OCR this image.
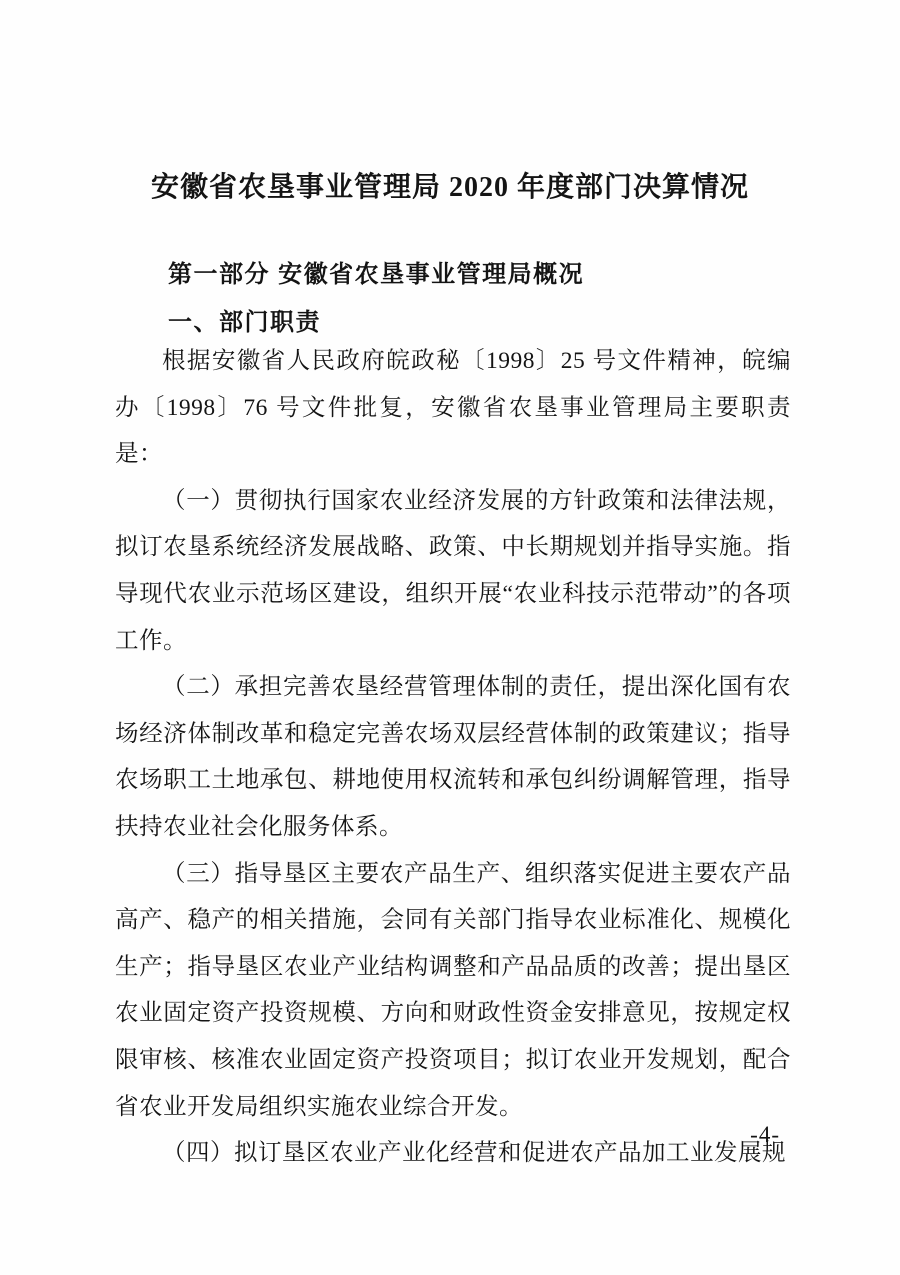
安徽省农垦事业管理局 2020 年度部门决算情况
第一部分 安徽省农垦事业管理局概况
一、部门职责

根据安徽省人民政府皖政秘〔1998〕25 号文件精神，皖编办〔1998〕76 号文件批复，安徽省农垦事业管理局主要职责是：

（一）贯彻执行国家农业经济发展的方针政策和法律法规，拟订农垦系统经济发展战略、政策、中长期规划并指导实施。指导现代农业示范场区建设，组织开展“农业科技示范带动”的各项工作。

（二）承担完善农垦经营管理体制的责任，提出深化国有农场经济体制改革和稳定完善农场双层经营体制的政策建议；指导农场职工土地承包、耕地使用权流转和承包纠纷调解管理，指导扶持农业社会化服务体系。

（三）指导垦区主要农产品生产、组织落实促进主要农产品高产、稳产的相关措施，会同有关部门指导农业标准化、规模化生产；指导垦区农业产业结构调整和产品品质的改善；提出垦区农业固定资产投资规模、方向和财政性资金安排意见，按规定权限审核、核准农业固定资产投资项目；拟订农业开发规划，配合省农业开发局组织实施农业综合开发。

（四）拟订垦区农业产业化经营和促进农产品加工业发展规

-4-
